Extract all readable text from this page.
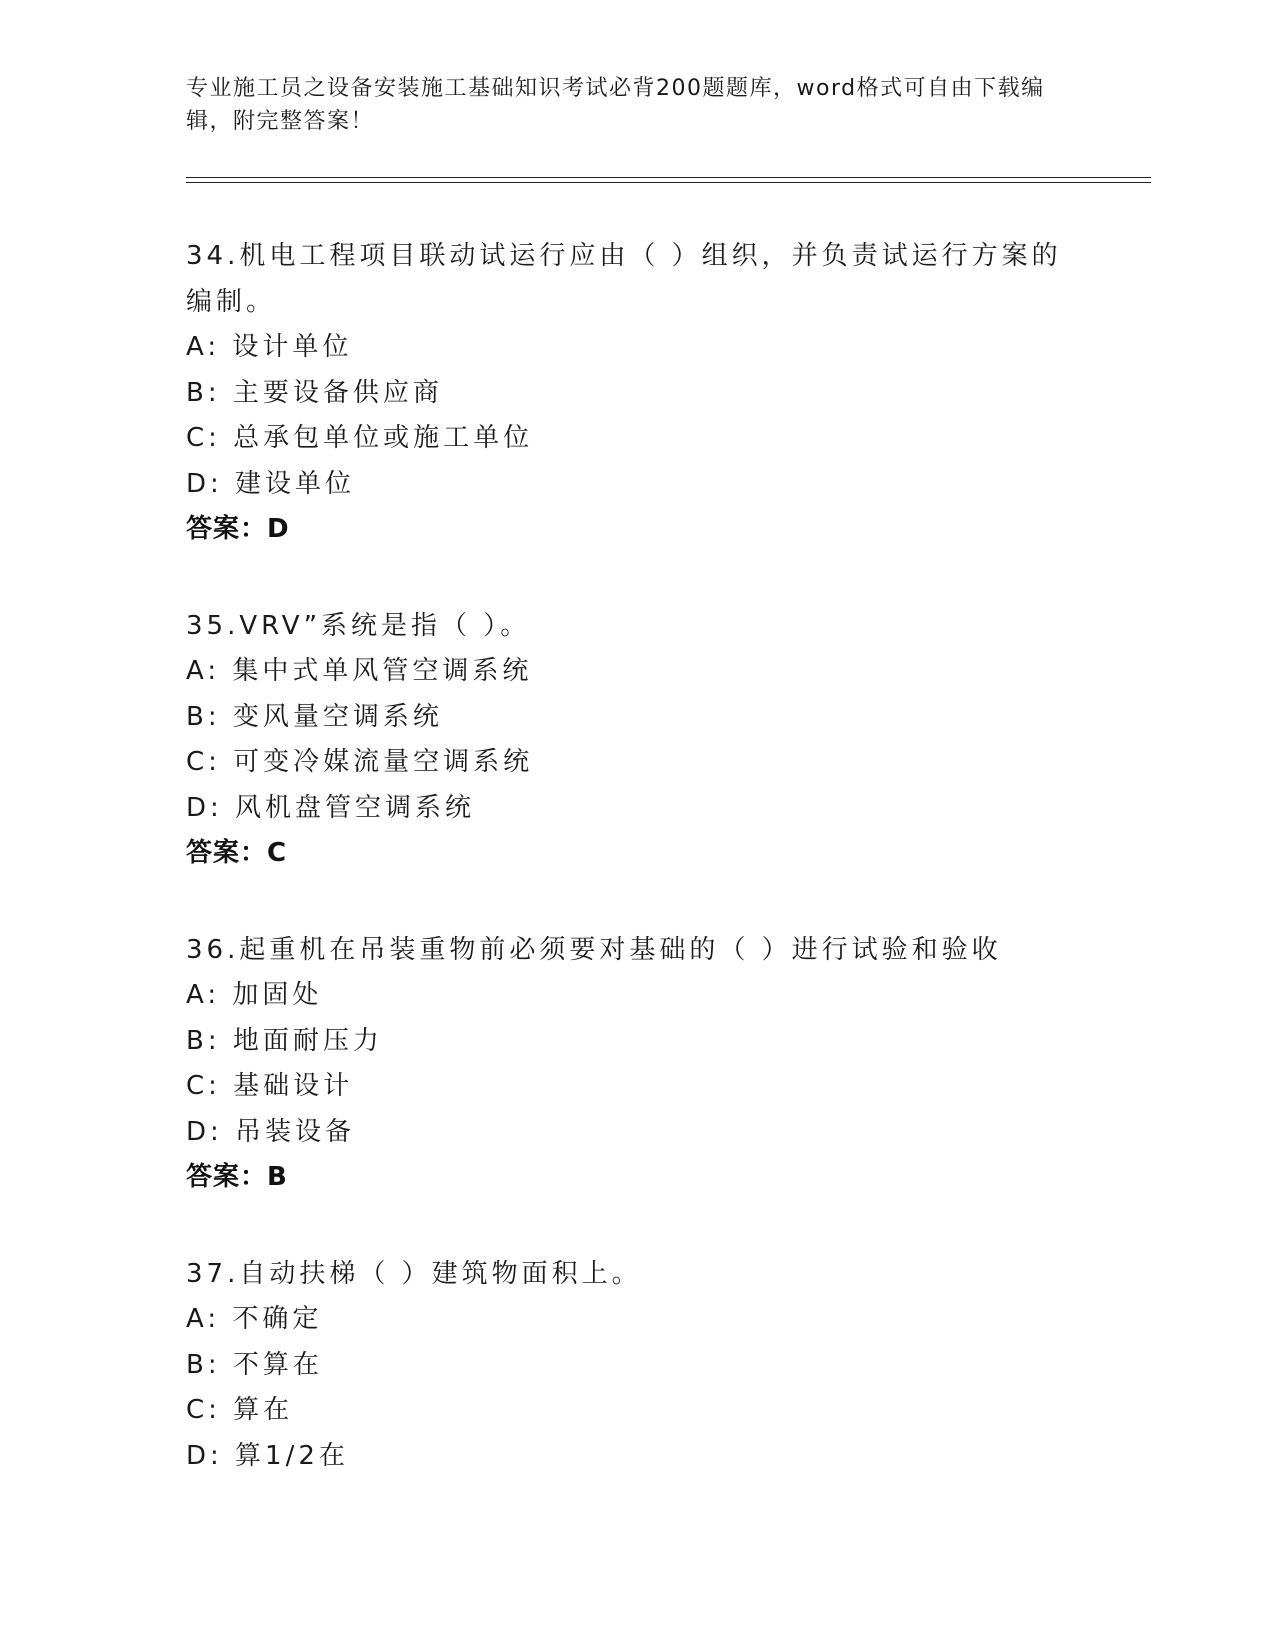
专业施工员之设备安装施工基础知识考试必背200题题库，word格式可自由下载编辑，附完整答案！
34.机电工程项目联动试运行应由（ ）组织，并负责试运行方案的编制。
A: 设计单位
B: 主要设备供应商
C: 总承包单位或施工单位
D: 建设单位
答案：D
35.VRV”系统是指（ ）。
A: 集中式单风管空调系统
B: 变风量空调系统
C: 可变冷媒流量空调系统
D: 风机盘管空调系统
答案：C
36.起重机在吊装重物前必须要对基础的（ ）进行试验和验收
A: 加固处
B: 地面耐压力
C: 基础设计
D: 吊装设备
答案：B
37.自动扶梯（ ）建筑物面积上。
A: 不确定
B: 不算在
C: 算在
D: 算1/2在
